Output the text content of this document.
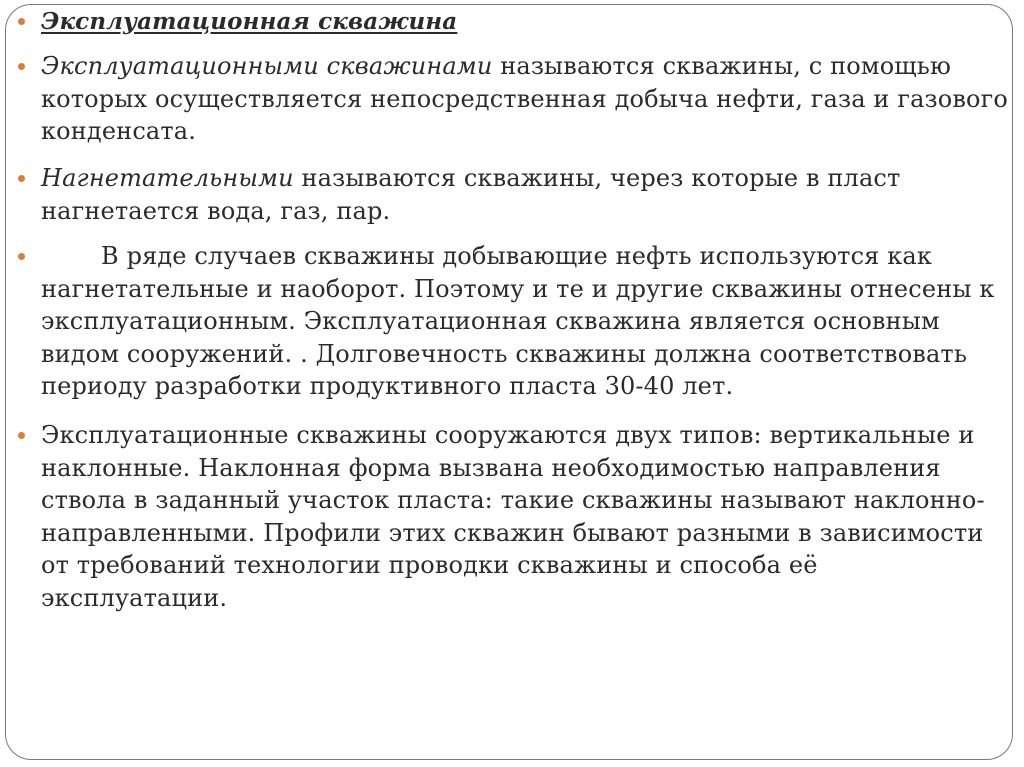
Эксплуатационная скважина
Эксплуатационными скважинами называются скважины, с помощью которых осуществляется непосредственная добыча нефти, газа и газового конденсата.
Нагнетательными называются скважины, через которые в пласт нагнетается вода, газ, пар.
В ряде случаев скважины добывающие нефть используются как нагнетательные и наоборот. Поэтому и те и другие скважины отнесены к эксплуатационным. Эксплуатационная скважина является основным видом сооружений. . Долговечность скважины должна соответствовать периоду разработки продуктивного пласта 30-40 лет.
Эксплуатационные скважины сооружаются двух типов: вертикальные и наклонные. Наклонная форма вызвана необходимостью направления ствола в заданный участок пласта: такие скважины называют наклонно-направленными. Профили этих скважин бывают разными в зависимости от требований технологии проводки скважины и способа её эксплуатации.
